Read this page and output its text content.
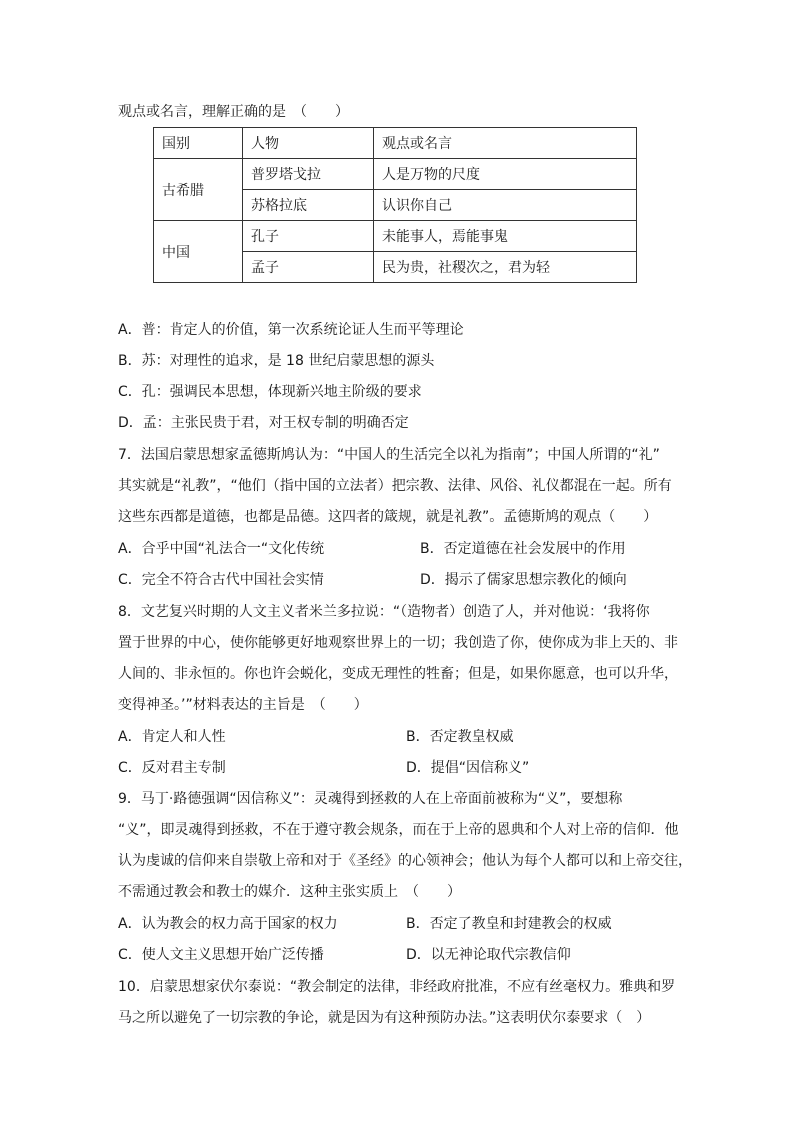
观点或名言，理解正确的是　（　　）
国别	人物	观点或名言
古希腊	普罗塔戈拉	人是万物的尺度
	苏格拉底	认识你自己
中国	孔子	未能事人，焉能事鬼
	孟子	民为贵，社稷次之，君为轻
A．普：肯定人的价值，第一次系统论证人生而平等理论
B．苏：对理性的追求，是 18 世纪启蒙思想的源头
C．孔：强调民本思想，体现新兴地主阶级的要求
D．孟：主张民贵于君，对王权专制的明确否定
7．法国启蒙思想家孟德斯鸠认为：“中国人的生活完全以礼为指南”；中国人所谓的“礼”
其实就是“礼教”，“他们（指中国的立法者）把宗教、法律、风俗、礼仪都混在一起。所有
这些东西都是道德，也都是品德。这四者的箴规，就是礼教”。孟德斯鸠的观点（　　）
A．合乎中国“礼法合一“文化传统	B．否定道德在社会发展中的作用
C．完全不符合古代中国社会实情	D．揭示了儒家思想宗教化的倾向
8．文艺复兴时期的人文主义者米兰多拉说：“（造物者）创造了人，并对他说：‘我将你
置于世界的中心，使你能够更好地观察世界上的一切；我创造了你，使你成为非上天的、非
人间的、非永恒的。你也许会蜕化，变成无理性的牲畜；但是，如果你愿意，也可以升华，
变得神圣。’”材料表达的主旨是　（　　）
A．肯定人和人性	B．否定教皇权威
C．反对君主专制	D．提倡“因信称义”
9．马丁·路德强调“因信称义”：灵魂得到拯救的人在上帝面前被称为“义”，要想称
“义”，即灵魂得到拯救，不在于遵守教会规条，而在于上帝的恩典和个人对上帝的信仰．他
认为虔诚的信仰来自崇敬上帝和对于《圣经》的心领神会；他认为每个人都可以和上帝交往，
不需通过教会和教士的媒介．这种主张实质上　（　　）
A．认为教会的权力高于国家的权力	B．否定了教皇和封建教会的权威
C．使人文主义思想开始广泛传播	D．以无神论取代宗教信仰
10．启蒙思想家伏尔泰说：“教会制定的法律，非经政府批准，不应有丝毫权力。雅典和罗
马之所以避免了一切宗教的争论，就是因为有这种预防办法。”这表明伏尔泰要求（　）
